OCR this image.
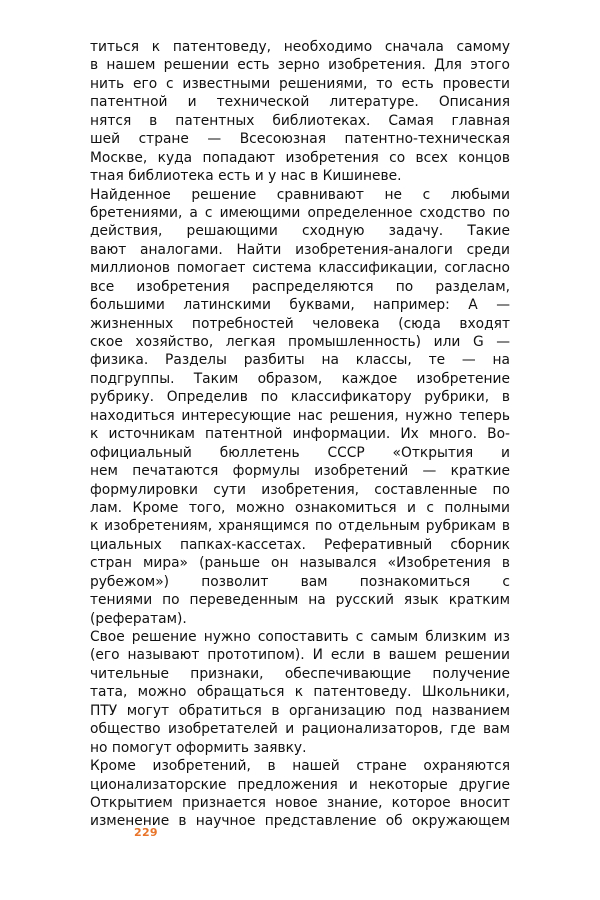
титься к патентоведу, необходимо сначала самому
в нашем решении есть зерно изобретения. Для этого
нить его с известными решениями, то есть провести
патентной и технической литературе. Описания
нятся в патентных библиотеках. Самая главная
шей стране — Всесоюзная патентно-техническая
Москве, куда попадают изобретения со всех концов
тная библиотека есть и у нас в Кишиневе.
Найденное решение сравнивают не с любыми
бретениями, а с имеющими определенное сходство по
действия, решающими сходную задачу. Такие
вают аналогами. Найти изобретения-аналоги среди
миллионов помогает система классификации, согласно
все изобретения распределяются по разделам,
большими латинскими буквами, например: А —
жизненных потребностей человека (сюда входят
ское хозяйство, легкая промышленность) или G —
физика. Разделы разбиты на классы, те — на
подгруппы. Таким образом, каждое изобретение
рубрику. Определив по классификатору рубрики, в
находиться интересующие нас решения, нужно теперь
к источникам патентной информации. Их много. Во-
официальный бюллетень СССР «Открытия и
нем печатаются формулы изобретений — краткие
формулировки сути изобретения, составленные по
лам. Кроме того, можно ознакомиться и с полными
к изобретениям, хранящимся по отдельным рубрикам в
циальных папках-кассетах. Реферативный сборник
стран мира» (раньше он назывался «Изобретения в
рубежом») позволит вам познакомиться с
тениями по переведенным на русский язык кратким
(рефератам).
Свое решение нужно сопоставить с самым близким из
(его называют прототипом). И если в вашем решении
чительные признаки, обеспечивающие получение
тата, можно обращаться к патентоведу. Школьники,
ПТУ могут обратиться в организацию под названием
общество изобретателей и рационализаторов, где вам
но помогут оформить заявку.
Кроме изобретений, в нашей стране охраняются
ционализаторские предложения и некоторые другие
Открытием признается новое знание, которое вносит
изменение в научное представление об окружающем
229
